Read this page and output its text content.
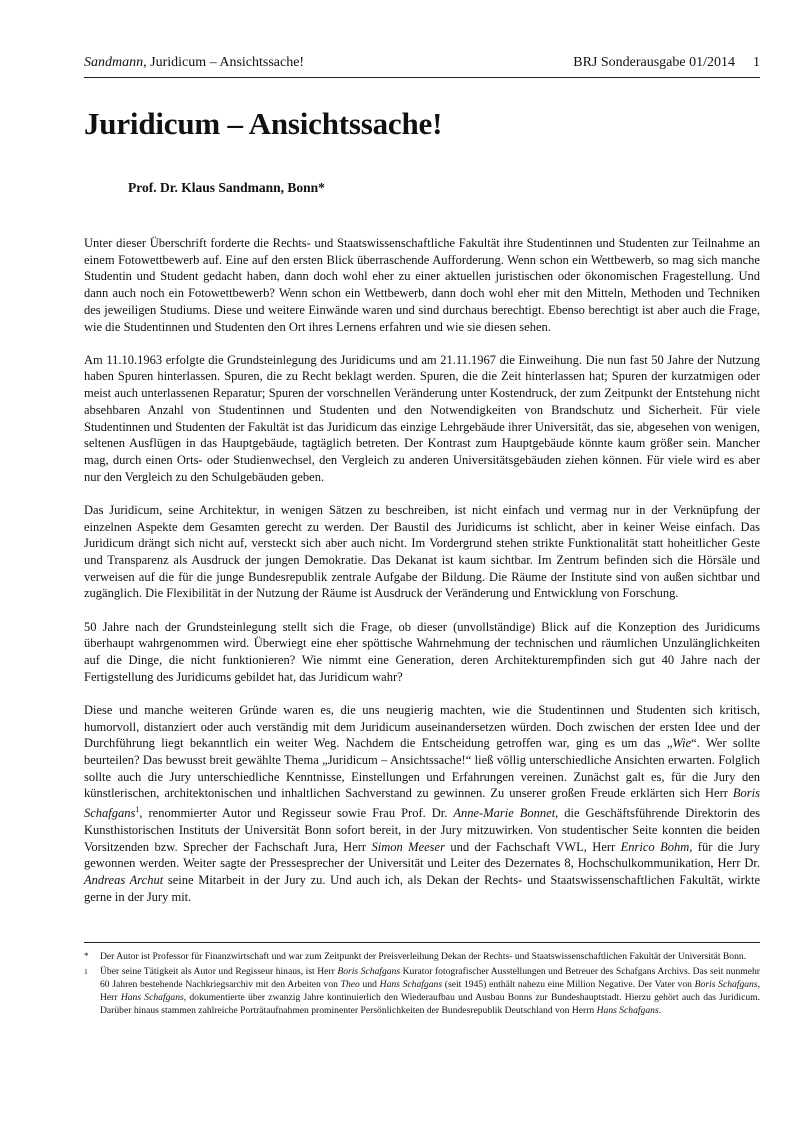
Sandmann, Juridicum – Ansichtssache!	BRJ Sonderausgabe 01/2014 1
Juridicum – Ansichtssache!
Prof. Dr. Klaus Sandmann, Bonn*

Unter dieser Überschrift forderte die Rechts- und Staatswissenschaftliche Fakultät ihre Studentinnen und Studenten zur Teilnahme an einem Fotowettbewerb auf. Eine auf den ersten Blick überraschende Aufforderung. Wenn schon ein Wettbewerb, so mag sich manche Studentin und Student gedacht haben, dann doch wohl eher zu einer aktuellen juristischen oder ökonomischen Fragestellung. Und dann auch noch ein Fotowettbewerb? Wenn schon ein Wettbewerb, dann doch wohl eher mit den Mitteln, Methoden und Techniken des jeweiligen Studiums. Diese und weitere Einwände waren und sind durchaus berechtigt. Ebenso berechtigt ist aber auch die Frage, wie die Studentinnen und Studenten den Ort ihres Lernens erfahren und wie sie diesen sehen.

Am 11.10.1963 erfolgte die Grundsteinlegung des Juridicums und am 21.11.1967 die Einweihung. Die nun fast 50 Jahre der Nutzung haben Spuren hinterlassen. Spuren, die zu Recht beklagt werden. Spuren, die die Zeit hinterlassen hat; Spuren der kurzatmigen oder meist auch unterlassenen Reparatur; Spuren der vorschnellen Veränderung unter Kostendruck, der zum Zeitpunkt der Entstehung nicht absehbaren Anzahl von Studentinnen und Studenten und den Notwendigkeiten von Brandschutz und Sicherheit. Für viele Studentinnen und Studenten der Fakultät ist das Juridicum das einzige Lehrgebäude ihrer Universität, das sie, abgesehen von wenigen, seltenen Ausflügen in das Hauptgebäude, tagtäglich betreten. Der Kontrast zum Hauptgebäude könnte kaum größer sein. Mancher mag, durch einen Orts- oder Studienwechsel, den Vergleich zu anderen Universitätsgebäuden ziehen können. Für viele wird es aber nur den Vergleich zu den Schulgebäuden geben.

Das Juridicum, seine Architektur, in wenigen Sätzen zu beschreiben, ist nicht einfach und vermag nur in der Verknüpfung der einzelnen Aspekte dem Gesamten gerecht zu werden. Der Baustil des Juridicums ist schlicht, aber in keiner Weise einfach. Das Juridicum drängt sich nicht auf, versteckt sich aber auch nicht. Im Vordergrund stehen strikte Funktionalität statt hoheitlicher Geste und Transparenz als Ausdruck der jungen Demokratie. Das Dekanat ist kaum sichtbar. Im Zentrum befinden sich die Hörsäle und verweisen auf die für die junge Bundesrepublik zentrale Aufgabe der Bildung. Die Räume der Institute sind von außen sichtbar und zugänglich. Die Flexibilität in der Nutzung der Räume ist Ausdruck der Veränderung und Entwicklung von Forschung.

50 Jahre nach der Grundsteinlegung stellt sich die Frage, ob dieser (unvollständige) Blick auf die Konzeption des Juridicums überhaupt wahrgenommen wird. Überwiegt eine eher spöttische Wahrnehmung der technischen und räumlichen Unzulänglichkeiten auf die Dinge, die nicht funktionieren? Wie nimmt eine Generation, deren Architekturempfinden sich gut 40 Jahre nach der Fertigstellung des Juridicums gebildet hat, das Juridicum wahr?

Diese und manche weiteren Gründe waren es, die uns neugierig machten, wie die Studentinnen und Studenten sich kritisch, humorvoll, distanziert oder auch verständig mit dem Juridicum auseinandersetzen würden. Doch zwischen der ersten Idee und der Durchführung liegt bekanntlich ein weiter Weg. Nachdem die Entscheidung getroffen war, ging es um das „Wie“. Wer sollte beurteilen? Das bewusst breit gewählte Thema „Juridicum – Ansichtssache!“ ließ völlig unterschiedliche Ansichten erwarten. Folglich sollte auch die Jury unterschiedliche Kenntnisse, Einstellungen und Erfahrungen vereinen. Zunächst galt es, für die Jury den künstlerischen, architektonischen und inhaltlichen Sachverstand zu gewinnen. Zu unserer großen Freude erklärten sich Herr Boris Schafgans$^1$, renommierter Autor und Regisseur sowie Frau Prof. Dr. Anne-Marie Bonnet, die Geschäftsführende Direktorin des Kunsthistorischen Instituts der Universität Bonn sofort bereit, in der Jury mitzuwirken. Von studentischer Seite konnten die beiden Vorsitzenden bzw. Sprecher der Fachschaft Jura, Herr Simon Meeser und der Fachschaft VWL, Herr Enrico Bohm, für die Jury gewonnen werden. Weiter sagte der Pressesprecher der Universität und Leiter des Dezernates 8, Hochschulkommunikation, Herr Dr. Andreas Archut seine Mitarbeit in der Jury zu. Und auch ich, als Dekan der Rechts- und Staatswissenschaftlichen Fakultät, wirkte gerne in der Jury mit.

*	Der Autor ist Professor für Finanzwirtschaft und war zum Zeitpunkt der Preisverleihung Dekan der Rechts- und Staatswissenschaftlichen Fakultät der Universität Bonn.
$^1$	Über seine Tätigkeit als Autor und Regisseur hinaus, ist Herr Boris Schafgans Kurator fotografischer Ausstellungen und Betreuer des Schafgans Archivs. Das seit nunmehr 60 Jahren bestehende Nachkriegsarchiv mit den Arbeiten von Theo und Hans Schafgans (seit 1945) enthält nahezu eine Million Negative. Der Vater von Boris Schafgans, Herr Hans Schafgans, dokumentierte über zwanzig Jahre kontinuierlich den Wiederaufbau und Ausbau Bonns zur Bundeshauptstadt. Hierzu gehört auch das Juridicum. Darüber hinaus stammen zahlreiche Porträtaufnahmen prominenter Persönlichkeiten der Bundesrepublik Deutschland von Herrn Hans Schafgans.
